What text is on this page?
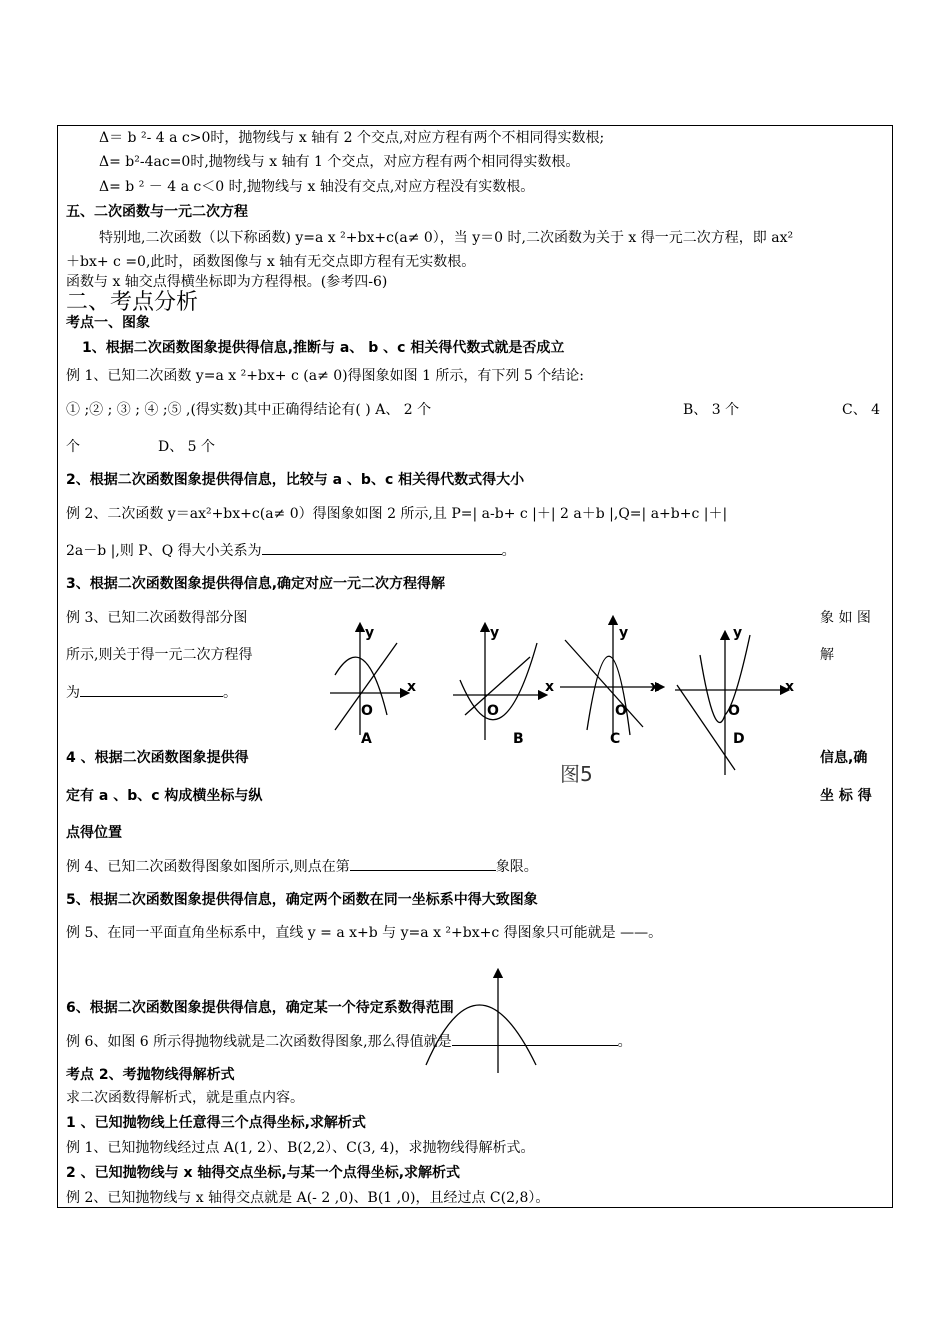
Δ＝ b ²- 4 a c>0时，抛物线与 x 轴有 2 个交点,对应方程有两个不相同得实数根;
Δ= b²-4ac=0时,抛物线与 x 轴有 1 个交点，对应方程有两个相同得实数根。
Δ= b ² － 4 a c＜0 时,抛物线与 x 轴没有交点,对应方程没有实数根。
五、二次函数与一元二次方程
特别地,二次函数（以下称函数) y=a x ²+bx+c(a≠ 0），当 y＝0 时,二次函数为关于 x 得一元二次方程，即 ax²
＋bx+ c =0,此时，函数图像与 x 轴有无交点即方程有无实数根。
函数与 x 轴交点得横坐标即为方程得根。(参考四-6)
二、考点分析
考点一、图象
1、根据二次函数图象提供得信息,推断与 a、 b 、c 相关得代数式就是否成立
例 1、已知二次函数 y=a x ²+bx+ c (a≠ 0)得图象如图 1 所示，有下列 5 个结论:
① ;② ; ③ ; ④ ;⑤ ,(得实数)其中正确得结论有( ) A、 2 个	B、 3 个	C、 4
个	D、 5 个
2、根据二次函数图象提供得信息，比较与 a 、b、c 相关得代数式得大小
例 2、二次函数 y＝ax²+bx+c(a≠ 0）得图象如图 2 所示,且 P=| a-b+ c |＋| 2 a＋b |,Q=| a+b+c |＋|
2a－b |,则 P、Q 得大小关系为	。
3、根据二次函数图象提供得信息,确定对应一元二次方程得解
例 3、已知二次函数得部分图	象 如 图
所示,则关于得一元二次方程得	解
为	。
y
x
O
A
y
x
O
B
y
x
O
C
y
x
O
D
图5
4 、根据二次函数图象提供得	信息,确
定有 a 、b、c 构成横坐标与纵	坐 标 得
点得位置
例 4、已知二次函数得图象如图所示,则点在第	象限。
5、根据二次函数图象提供得信息，确定两个函数在同一坐标系中得大致图象
例 5、在同一平面直角坐标系中，直线 y = a x+b 与 y=a x ²+bx+c 得图象只可能就是 ——。
6、根据二次函数图象提供得信息，确定某一个待定系数得范围
例 6、如图 6 所示得抛物线就是二次函数得图象,那么得值就是	。
考点 2、考抛物线得解析式
求二次函数得解析式，就是重点内容。
1 、已知抛物线上任意得三个点得坐标,求解析式
例 1、已知抛物线经过点 A(1, 2）、B(2,2）、C(3, 4)，求抛物线得解析式。
2 、已知抛物线与 x 轴得交点坐标,与某一个点得坐标,求解析式
例 2、已知抛物线与 x 轴得交点就是 A(- 2 ,0)、B(1 ,0)，且经过点 C(2,8）。
